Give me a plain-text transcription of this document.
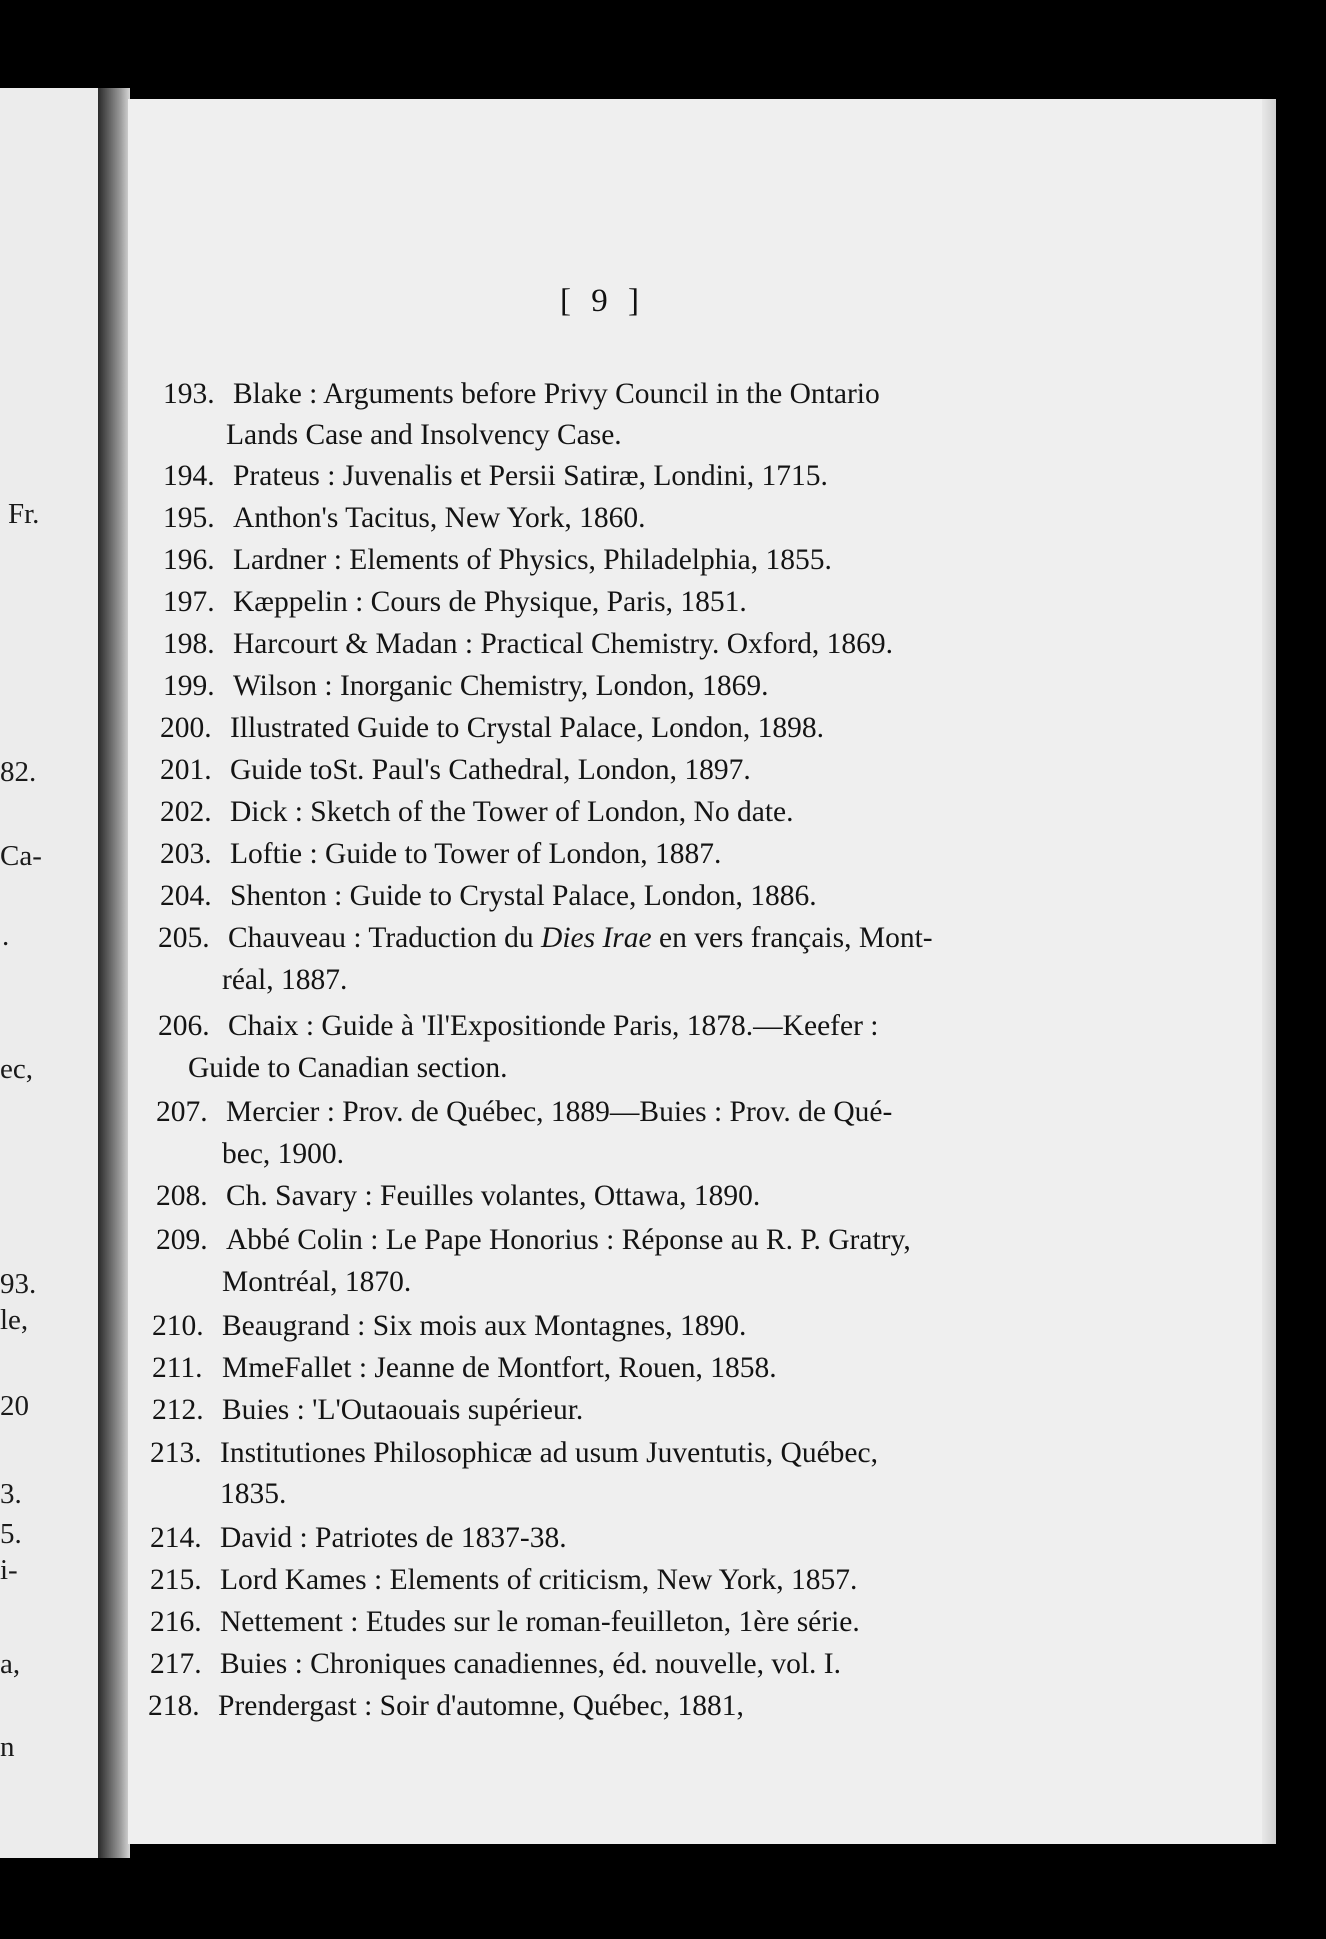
Fr.
82.
Ca-
.
ec,
93.
le,
20
3.
5.
i-
a,
n
[ 9 ]
193. Blake : Arguments before Privy Council in the Ontario
Lands Case and Insolvency Case.
194. Prateus : Juvenalis et Persii Satiræ, Londini, 1715.
195. Anthon's Tacitus, New York, 1860.
196. Lardner : Elements of Physics, Philadelphia, 1855.
197. Kæppelin : Cours de Physique, Paris, 1851.
198. Harcourt & Madan : Practical Chemistry. Oxford, 1869.
199. Wilson : Inorganic Chemistry, London, 1869.
200. Illustrated Guide to Crystal Palace, London, 1898.
201. Guide toSt. Paul's Cathedral, London, 1897.
202. Dick : Sketch of the Tower of London, No date.
203. Loftie : Guide to Tower of London, 1887.
204. Shenton : Guide to Crystal Palace, London, 1886.
205. Chauveau : Traduction du Dies Irae en vers français, Mont-
réal, 1887.
206. Chaix : Guide à 'Il'Expositionde Paris, 1878.—Keefer :
Guide to Canadian section.
207. Mercier : Prov. de Québec, 1889—Buies : Prov. de Qué-
bec, 1900.
208. Ch. Savary : Feuilles volantes, Ottawa, 1890.
209. Abbé Colin : Le Pape Honorius : Réponse au R. P. Gratry,
Montréal, 1870.
210. Beaugrand : Six mois aux Montagnes, 1890.
211. MmeFallet : Jeanne de Montfort, Rouen, 1858.
212. Buies : 'L'Outaouais supérieur.
213. Institutiones Philosophicæ ad usum Juventutis, Québec,
1835.
214. David : Patriotes de 1837-38.
215. Lord Kames : Elements of criticism, New York, 1857.
216. Nettement : Etudes sur le roman-feuilleton, 1ère série.
217. Buies : Chroniques canadiennes, éd. nouvelle, vol. I.
218. Prendergast : Soir d'automne, Québec, 1881,
